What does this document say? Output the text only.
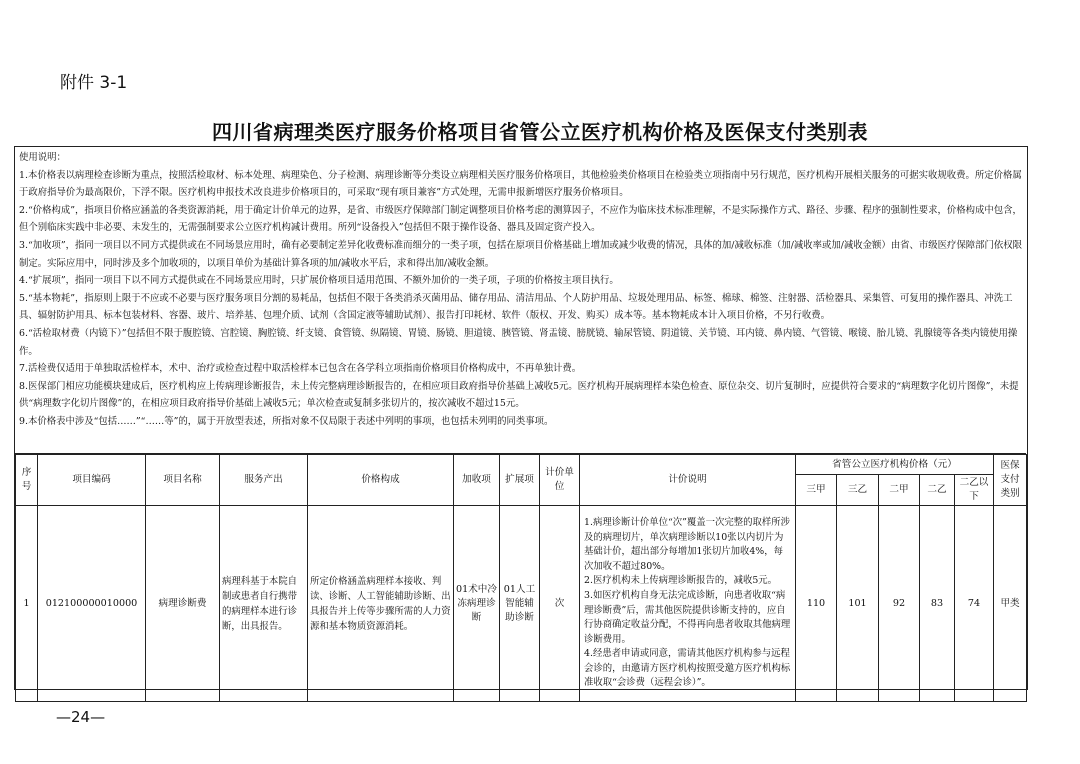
附件 3-1
四川省病理类医疗服务价格项目省管公立医疗机构价格及医保支付类别表
使用说明：
1.本价格表以病理检查诊断为重点，按照活检取材、标本处理、病理染色、分子检测、病理诊断等分类设立病理相关医疗服务价格项目，其他检验类价格项目在检验类立项指南中另行规范，医疗机构开展相关服务的可据实收规收费。所定价格属于政府指导价为最高限价，下浮不限。医疗机构申报技术改良进步价格项目的，可采取“现有项目兼容”方式处理，无需申报新增医疗服务价格项目。
2.“价格构成”，指项目价格应涵盖的各类资源消耗，用于确定计价单元的边界，是省、市级医疗保障部门制定调整项目价格考虑的测算因子，不应作为临床技术标准理解，不是实际操作方式、路径、步骤、程序的强制性要求，价格构成中包含，但个别临床实践中非必要、未发生的，无需强制要求公立医疗机构减计费用。所列“设备投入”包括但不限于操作设备、器具及固定资产投入。
3.“加收项”，指同一项目以不同方式提供或在不同场景应用时，确有必要制定差异化收费标准而细分的一类子项，包括在原项目价格基础上增加或减少收费的情况，具体的加/减收标准（加/减收率或加/减收金额）由省、市级医疗保障部门依权限制定。实际应用中，同时涉及多个加收项的，以项目单价为基础计算各项的加/减收水平后，求和得出加/减收金额。
4.“扩展项”，指同一项目下以不同方式提供或在不同场景应用时，只扩展价格项目适用范围、不额外加价的一类子项，子项的价格按主项目执行。
5.“基本物耗”，指原则上限于不应或不必要与医疗服务项目分割的易耗品，包括但不限于各类消杀灭菌用品、储存用品、清洁用品、个人防护用品、垃圾处理用品、标签、棉球、棉签、注射器、活检器具、采集管、可复用的操作器具、冲洗工具、辐射防护用具、标本包装材料、容器、玻片、培养基、包埋介质、试剂（含国定液等辅助试剂）、报告打印耗材、软件（版权、开发、购买）成本等。基本物耗成本计入项目价格，不另行收费。
6.“活检取材费（内镜下）”包括但不限于腹腔镜、宫腔镜、胸腔镜、纤支镜、食管镜、纵隔镜、胃镜、肠镜、胆道镜、胰管镜、肾盂镜、膀胱镜、输尿管镜、阴道镜、关节镜、耳内镜、鼻内镜、气管镜、喉镜、胎儿镜、乳腺镜等各类内镜使用操作。
7.活检费仅适用于单独取活检样本，术中、治疗或检查过程中取活检样本已包含在各学科立项指南价格项目价格构成中，不再单独计费。
8.医保部门相应功能模块建成后，医疗机构应上传病理诊断报告，未上传完整病理诊断报告的，在相应项目政府指导价基础上减收5元。医疗机构开展病理样本染色检查、原位杂交、切片复制时，应提供符合要求的“病理数字化切片图像”，未提供“病理数字化切片图像”的，在相应项目政府指导价基础上减收5元；单次检查或复制多张切片的，按次减收不超过15元。
9.本价格表中涉及“包括……”“……等”的，属于开放型表述，所指对象不仅局限于表述中列明的事项，也包括未列明的同类事项。
序号	项目编码	项目名称	服务产出	价格构成	加收项	扩展项	计价单位	计价说明	省管公立医疗机构价格（元）					医保支付类别
									三甲	三乙	二甲	二乙	二乙以下	
1	012100000010000	病理诊断费	病理科基于本院自制或患者自行携带的病理样本进行诊断，出具报告。	所定价格涵盖病理样本接收、判读、诊断、人工智能辅助诊断、出具报告并上传等步骤所需的人力资源和基本物质资源消耗。	01术中冷冻病理诊断	01人工智能辅助诊断	次	1.病理诊断计价单位“次”覆盖一次完整的取样所涉及的病理切片，单次病理诊断以10张以内切片为基础计价，超出部分每增加1张切片加收4%，每次加收不超过80%。
2.医疗机构未上传病理诊断报告的，减收5元。
3.如医疗机构自身无法完成诊断，向患者收取“病理诊断费”后，需其他医院提供诊断支持的，应自行协商确定收益分配，不得再向患者收取其他病理诊断费用。
4.经患者申请或同意，需请其他医疗机构参与远程会诊的，由邀请方医疗机构按照受邀方医疗机构标准收取“会诊费（远程会诊）”。	110	101	92	83	74	甲类
—24—
